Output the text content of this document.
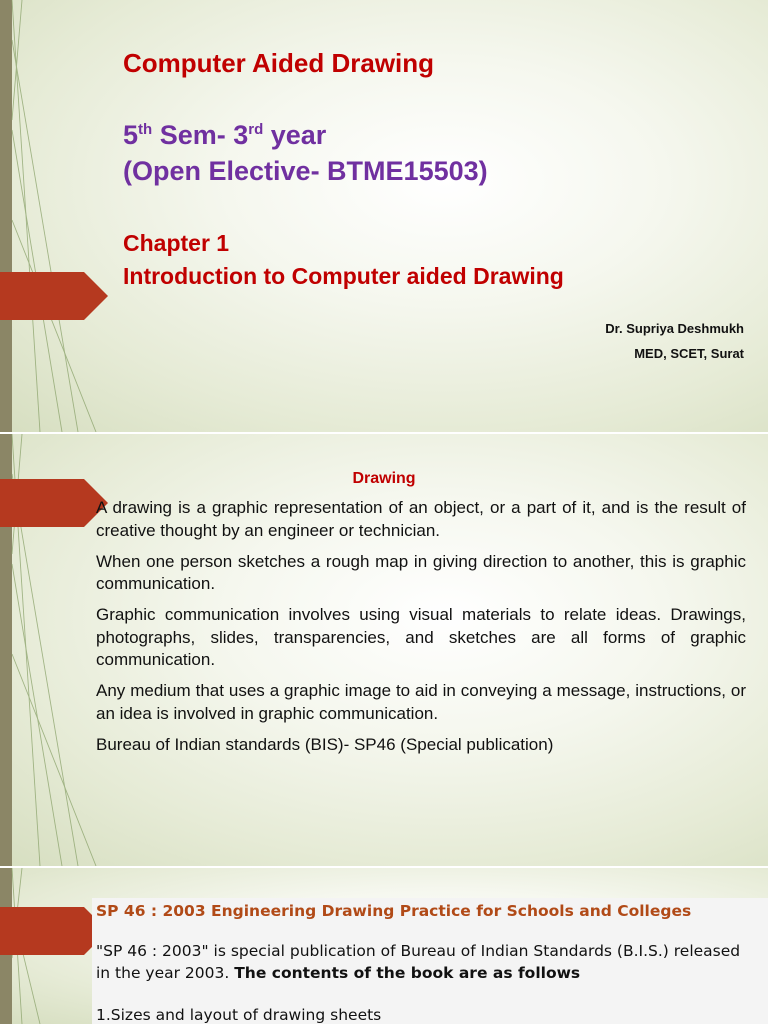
Computer Aided Drawing
5th Sem- 3rd year
(Open Elective- BTME15503)
Chapter 1
Introduction to Computer aided Drawing
Dr. Supriya Deshmukh
MED, SCET, Surat
Drawing

A drawing is a graphic representation of an object, or a part of it, and is the result of creative thought by an engineer or technician.

When one person sketches a rough map in giving direction to another, this is graphic communication.

Graphic communication involves using visual materials to relate ideas. Drawings, photographs, slides, transparencies, and sketches are all forms of graphic communication.

Any medium that uses a graphic image to aid in conveying a message, instructions, or an idea is involved in graphic communication.

Bureau of Indian standards (BIS)- SP46 (Special publication)

SP 46 : 2003 Engineering Drawing Practice for Schools and Colleges
"SP 46 : 2003" is special publication of Bureau of Indian Standards (B.I.S.) released
in the year 2003. The contents of the book are as follows
1.Sizes and layout of drawing sheets
